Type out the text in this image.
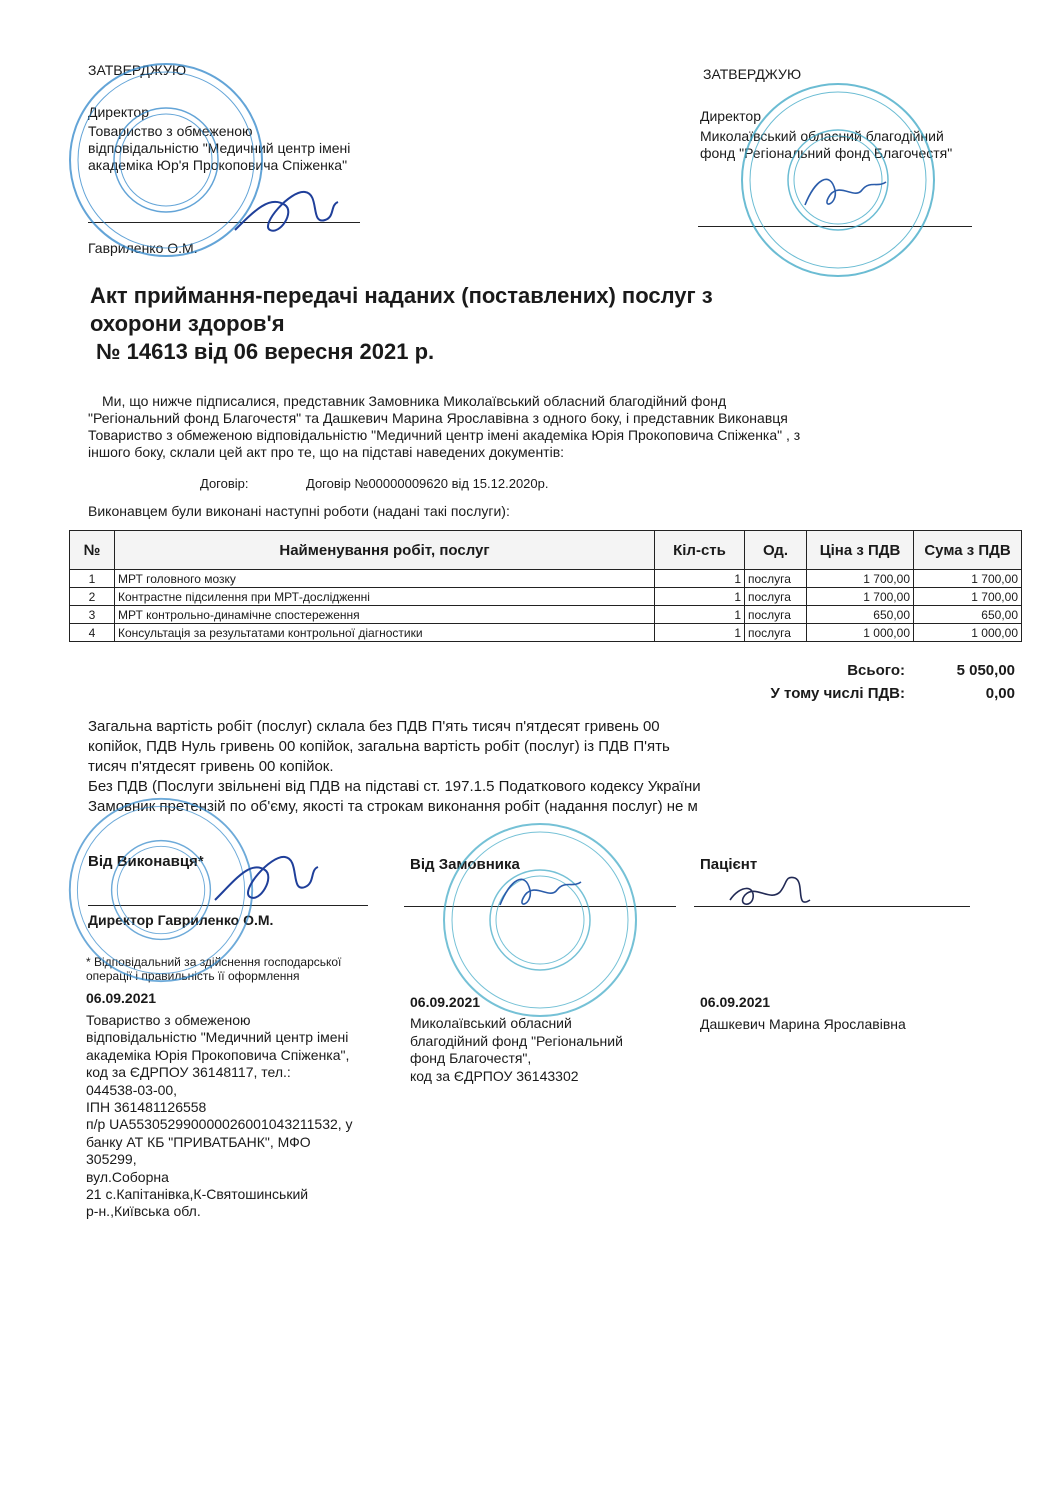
ЗАТВЕРДЖУЮ
Директор
Товариство з обмеженою
відповідальністю "Медичний центр імені
академіка Юр'я Прокоповича Спіженка"
Гавриленко О.М.
ЗАТВЕРДЖУЮ
Директор
Миколаївський обласний благодійний
фонд "Регіональний фонд Благочестя"
Акт приймання-передачі наданих (поставлених) послуг з
охорони здоров'я
№ 14613 від 06 вересня 2021 р.
Ми, що нижче підписалися, представник Замовника Миколаївський обласний благодійний фонд
"Регіональний фонд Благочестя" та Дашкевич Марина Ярославівна з одного боку, і представник Виконавця
Товариство з обмеженою відповідальністю "Медичний центр імені академіка Юрія Прокоповича Спіженка" , з
іншого боку, склали цей акт про те, що на підставі наведених документів:
Договір:	Договір №00000009620 від 15.12.2020р.
Виконавцем були виконані наступні роботи (надані такі послуги):
№	Найменування робіт, послуг	Кіл-сть	Од.	Ціна з ПДВ	Сума з ПДВ
1	МРТ головного мозку	1	послуга	1 700,00	1 700,00
2	Контрастне підсилення при МРТ-дослідженні	1	послуга	1 700,00	1 700,00
3	МРТ контрольно-динамічне спостереження	1	послуга	650,00	650,00
4	Консультація за результатами контрольної діагностики	1	послуга	1 000,00	1 000,00
Всього:	5 050,00
У тому числі ПДВ:	0,00
Загальна вартість робіт (послуг) склала без ПДВ П'ять тисяч п'ятдесят гривень 00
копійок, ПДВ Нуль гривень 00 копійок, загальна вартість робіт (послуг) із ПДВ П'ять
тисяч п'ятдесят гривень 00 копійок.
Без ПДВ (Послуги звільнені від ПДВ на підставі ст. 197.1.5 Податкового кодексу України
Замовник претензій по об'єму, якості та строкам виконання робіт (надання послуг) не м
Від Виконавця*	Від Замовника	Пацієнт
Директор Гавриленко О.М.
* Відповідальний за здійснення господарської
операції і правильність її оформлення
06.09.2021
Товариство з обмеженою
відповідальністю "Медичний центр імені
академіка Юрія Прокоповича Спіженка",
код за ЄДРПОУ 36148117, тел.:
044538-03-00,
ІПН 361481126558
п/р UA553052990000026001043211532, у
банку АТ КБ "ПРИВАТБАНК", МФО
305299,
вул.Соборна
21 с.Капітанівка,К-Святошинський
р-н.,Київська обл.
06.09.2021
Миколаївський обласний
благодійний фонд "Регіональний
фонд Благочестя",
код за ЄДРПОУ 36143302
06.09.2021
Дашкевич Марина Ярославівна
